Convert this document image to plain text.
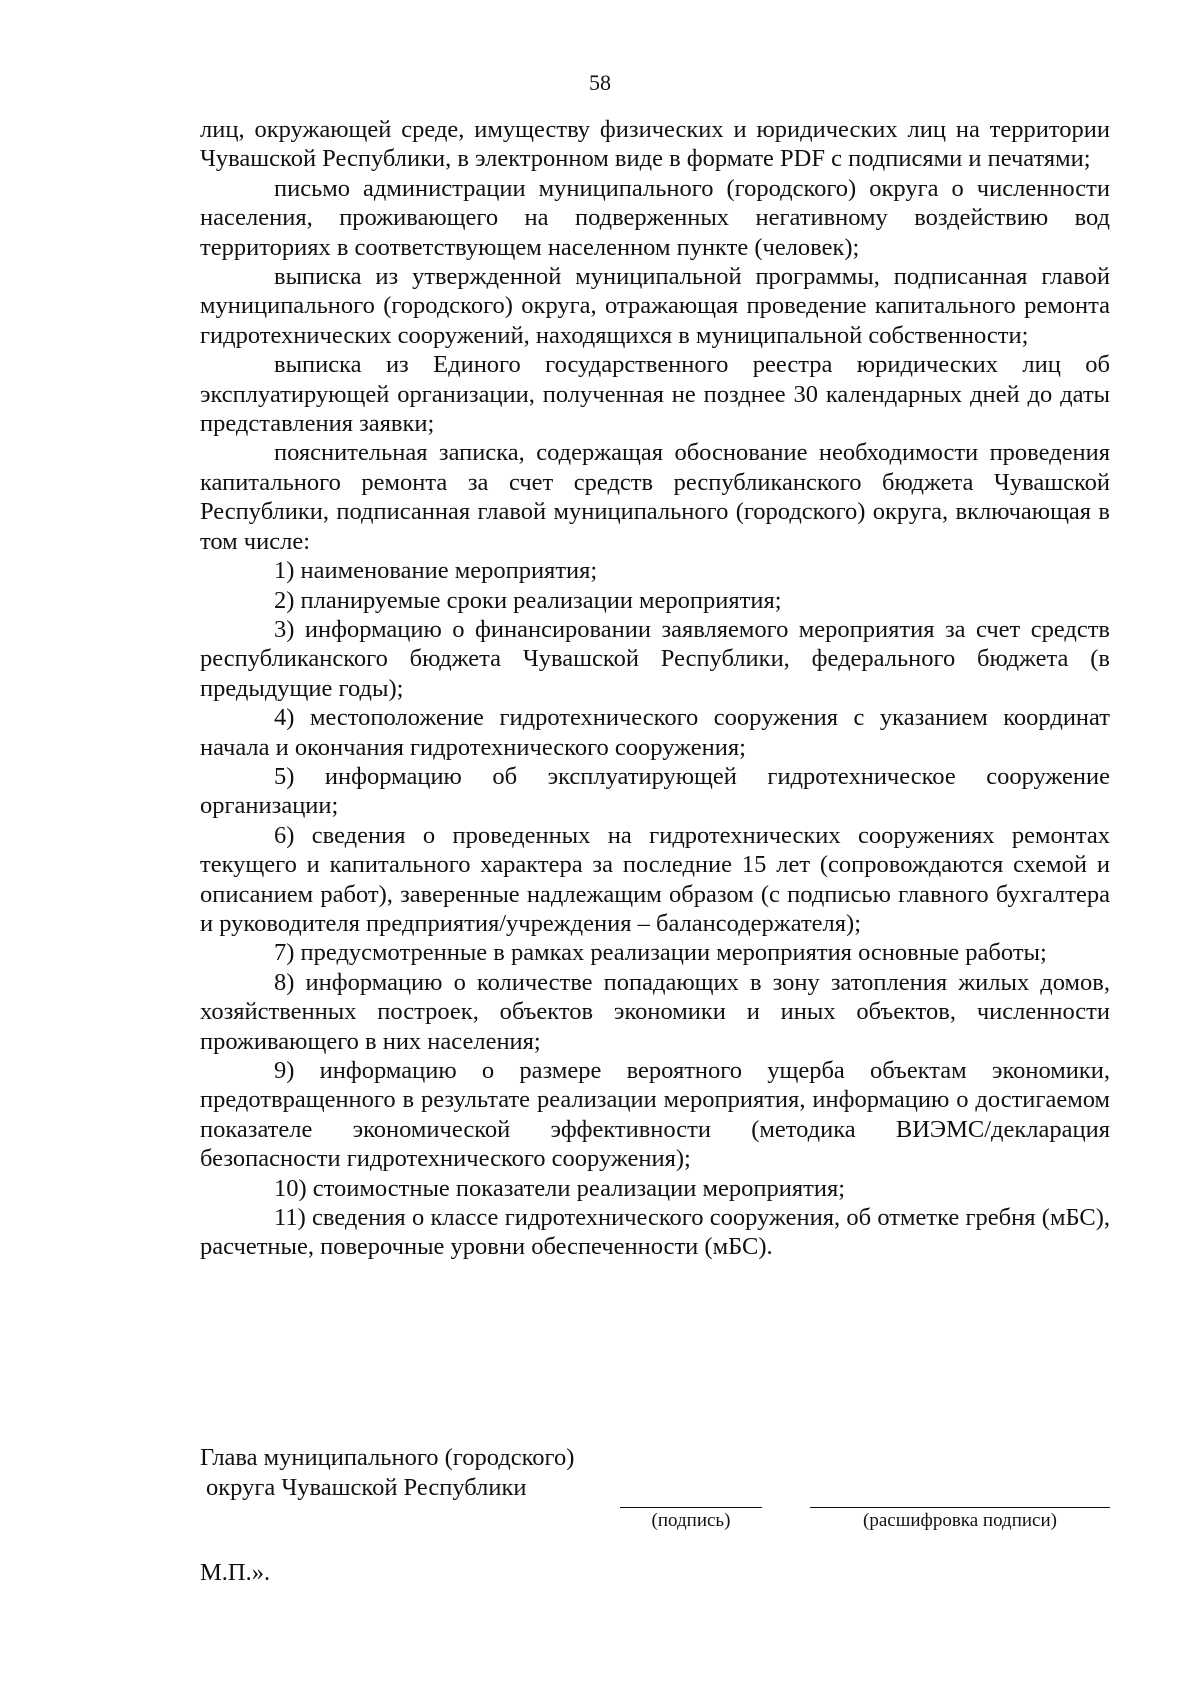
58

лиц, окружающей среде, имуществу физических и юридических лиц на территории Чувашской Республики, в электронном виде в формате PDF с подписями и печатями;

письмо администрации муниципального (городского) округа о численности населения, проживающего на подверженных негативному воздействию вод территориях в соответствующем населенном пункте (человек);

выписка из утвержденной муниципальной программы, подписанная главой муниципального (городского) округа, отражающая проведение капитального ремонта гидротехнических сооружений, находящихся в муниципальной собственности;

выписка из Единого государственного реестра юридических лиц об эксплуатирующей организации, полученная не позднее 30 календарных дней до даты представления заявки;

пояснительная записка, содержащая обоснование необходимости проведения капитального ремонта за счет средств республиканского бюджета Чувашской Республики, подписанная главой муниципального (городского) округа, включающая в том числе:

1) наименование мероприятия;

2) планируемые сроки реализации мероприятия;

3) информацию о финансировании заявляемого мероприятия за счет средств республиканского бюджета Чувашской Республики, федерального бюджета (в предыдущие годы);

4) местоположение гидротехнического сооружения с указанием координат начала и окончания гидротехнического сооружения;

5) информацию об эксплуатирующей гидротехническое сооружение организации;

6) сведения о проведенных на гидротехнических сооружениях ремонтах текущего и капитального характера за последние 15 лет (сопровождаются схемой и описанием работ), заверенные надлежащим образом (с подписью главного бухгалтера и руководителя предприятия/учреждения – балансодержателя);

7) предусмотренные в рамках реализации мероприятия основные работы;

8) информацию о количестве попадающих в зону затопления жилых домов, хозяйственных построек, объектов экономики и иных объектов, численности проживающего в них населения;

9) информацию о размере вероятного ущерба объектам экономики, предотвращенного в результате реализации мероприятия, информацию о достигаемом показателе экономической эффективности (методика ВИЭМС/декларация безопасности гидротехнического сооружения);

10) стоимостные показатели реализации мероприятия;

11) сведения о классе гидротехнического сооружения, об отметке гребня (мБС), расчетные, поверочные уровни обеспеченности (мБС).

Глава муниципального (городского)
округа Чувашской Республики
(подпись)	(расшифровка подписи)
М.П.».
